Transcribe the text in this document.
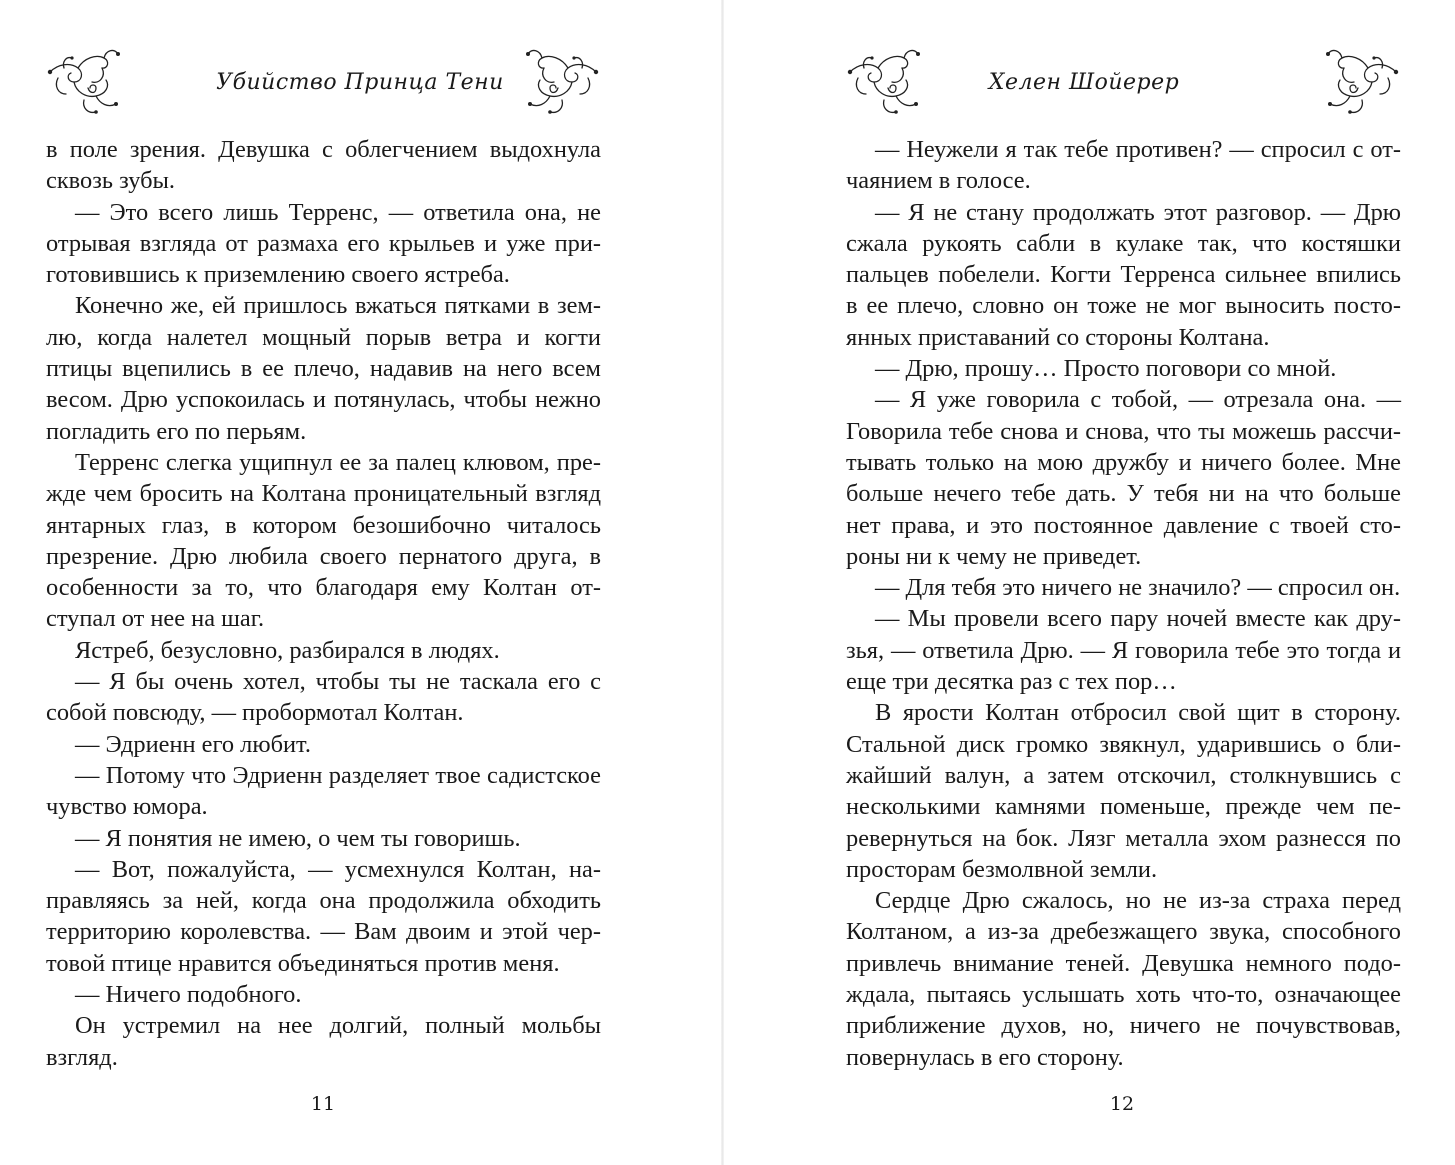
Убийство Принца Тени

в поле зрения. Девушка с облегчением выдохнула сквозь зубы.

— Это всего лишь Терренс, — ответила она, не отрывая взгляда от размаха его крыльев и уже приготовившись к приземлению своего ястреба.

Конечно же, ей пришлось вжаться пятками в землю, когда налетел мощный порыв ветра и когти птицы вцепились в ее плечо, надавив на него всем весом. Дрю успокоилась и потянулась, чтобы нежно погладить его по перьям.

Терренс слегка ущипнул ее за палец клювом, прежде чем бросить на Колтана проницательный взгляд янтарных глаз, в котором безошибочно читалось презрение. Дрю любила своего пернатого друга, в особенности за то, что благодаря ему Колтан отступал от нее на шаг.

Ястреб, безусловно, разбирался в людях.

— Я бы очень хотел, чтобы ты не таскала его с собой повсюду, — пробормотал Колтан.

— Эдриенн его любит.

— Потому что Эдриенн разделяет твое садистское чувство юмора.

— Я понятия не имею, о чем ты говоришь.

— Вот, пожалуйста, — усмехнулся Колтан, направляясь за ней, когда она продолжила обходить территорию королевства. — Вам двоим и этой чертовой птице нравится объединяться против меня.

— Ничего подобного.

Он устремил на нее долгий, полный мольбы взгляд.

11
Хелен Шойерер

— Неужели я так тебе противен? — спросил с отчаянием в голосе.

— Я не стану продолжать этот разговор. — Дрю сжала рукоять сабли в кулаке так, что костяшки пальцев побелели. Когти Терренса сильнее впились в ее плечо, словно он тоже не мог выносить постоянных приставаний со стороны Колтана.

— Дрю, прошу… Просто поговори со мной.

— Я уже говорила с тобой, — отрезала она. — Говорила тебе снова и снова, что ты можешь рассчитывать только на мою дружбу и ничего более. Мне больше нечего тебе дать. У тебя ни на что больше нет права, и это постоянное давление с твоей стороны ни к чему не приведет.

— Для тебя это ничего не значило? — спросил он.

— Мы провели всего пару ночей вместе как друзья, — ответила Дрю. — Я говорила тебе это тогда и еще три десятка раз с тех пор…

В ярости Колтан отбросил свой щит в сторону. Стальной диск громко звякнул, ударившись о ближайший валун, а затем отскочил, столкнувшись с несколькими камнями поменьше, прежде чем перевернуться на бок. Лязг металла эхом разнесся по просторам безмолвной земли.

Сердце Дрю сжалось, но не из-за страха перед Колтаном, а из-за дребезжащего звука, способного привлечь внимание теней. Девушка немного подождала, пытаясь услышать хоть что-то, означающее приближение духов, но, ничего не почувствовав, повернулась в его сторону.

12
